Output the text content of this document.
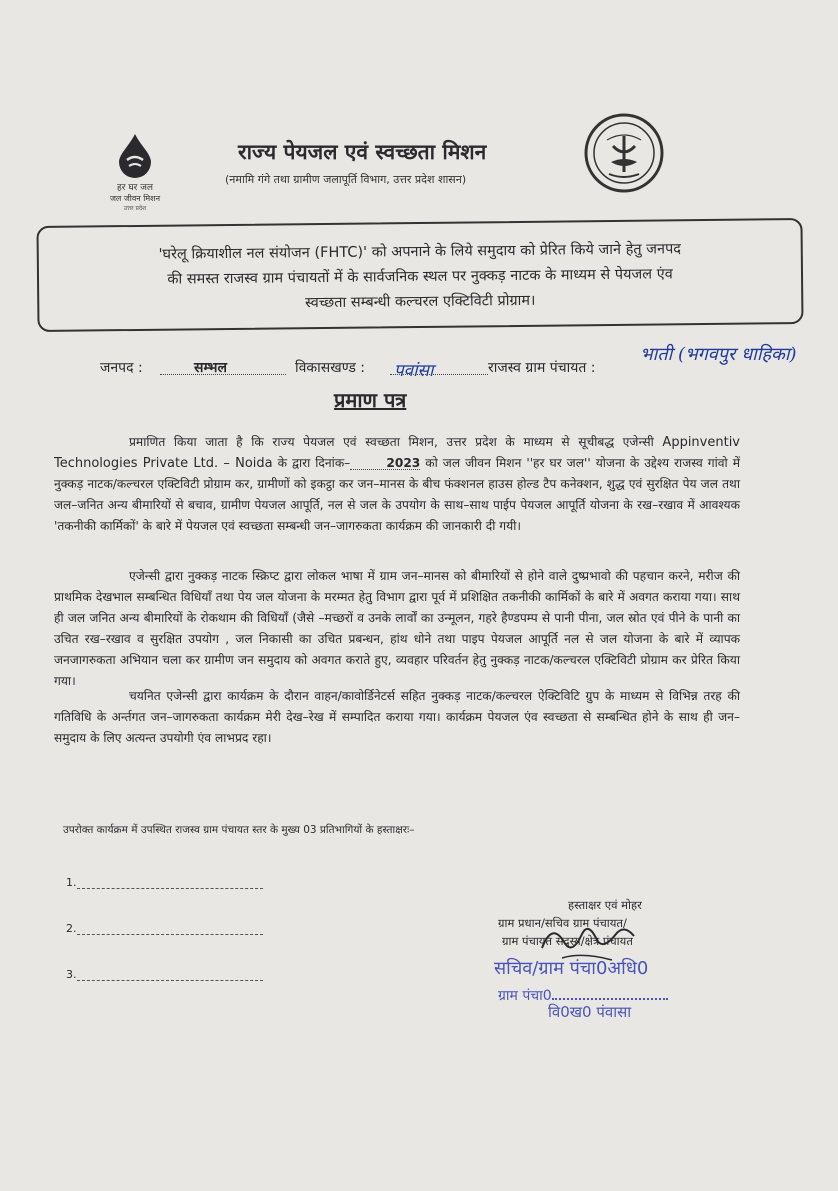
हर घर जल
जल जीवन मिशन
उत्तर प्रदेश
राज्य पेयजल एवं स्वच्छता मिशन
(नमामि गंगे तथा ग्रामीण जलापूर्ति विभाग, उत्तर प्रदेश शासन)
'घरेलू क्रियाशील नल संयोजन (FHTC)' को अपनाने के लिये समुदाय को प्रेरित किये जाने हेतु जनपद
की समस्त राजस्व ग्राम पंचायतों में के सार्वजनिक स्थल पर नुक्कड़ नाटक के माध्यम से पेयजल एंव
स्वच्छता सम्बन्धी कल्चरल एक्टिविटी प्रोग्राम।
जनपद :	सम्भल	विकासखण्ड : पवांसा	राजस्व ग्राम पंचायत :
भाती (भगवपुर धाहिका)
प्रमाण पत्र
प्रमाणित किया जाता है कि राज्य पेयजल एवं स्वच्छता मिशन, उत्तर प्रदेश के माध्यम से सूचीबद्ध एजेन्सी Appinventiv Technologies Private Ltd. – Noida के द्वारा दिनांक–	2023 को जल जीवन मिशन ''हर घर जल'' योजना के उद्देश्य राजस्व गांवो में नुक्कड़ नाटक/कल्चरल एक्टिविटी प्रोग्राम कर, ग्रामीणों को इकट्ठा कर जन–मानस के बीच फंक्शनल हाउस होल्ड टैप कनेक्शन, शुद्ध एवं सुरक्षित पेय जल तथा जल–जनित अन्य बीमारियों से बचाव, ग्रामीण पेयजल आपूर्ति, नल से जल के उपयोग के साथ–साथ पाईप पेयजल आपूर्ति योजना के रख–रखाव में आवश्यक 'तकनीकी कार्मिकों' के बारे में पेयजल एवं स्वच्छता सम्बन्धी जन–जागरुकता कार्यक्रम की जानकारी दी गयी।
एजेन्सी द्वारा नुक्कड़ नाटक स्क्रिप्ट द्वारा लोकल भाषा में ग्राम जन–मानस को बीमारियों से होने वाले दुष्प्रभावो की पहचान करने, मरीज की प्राथमिक देखभाल सम्बन्धित विधियाँ तथा पेय जल योजना के मरम्मत हेतु विभाग द्वारा पूर्व में प्रशिक्षित तकनीकी कार्मिकों के बारे में अवगत कराया गया। साथ ही जल जनित अन्य बीमारियों के रोकथाम की विधियाँ (जैसे –मच्छरों व उनके लार्वों का उन्मूलन, गहरे हैण्डपम्प से पानी पीना, जल स्रोत एवं पीने के पानी का उचित रख–रखाव व सुरक्षित उपयोग , जल निकासी का उचित प्रबन्धन, हांथ धोने तथा पाइप पेयजल आपूर्ति नल से जल योजना के बारे में व्यापक जनजागरुकता अभियान चला कर ग्रामीण जन समुदाय को अवगत कराते हुए, व्यवहार परिवर्तन हेतु नुक्कड़ नाटक/कल्चरल एक्टिविटी प्रोग्राम कर प्रेरित किया गया।
चयनित एजेन्सी द्वारा कार्यक्रम के दौरान वाहन/कावोर्डिनेटर्स सहित नुक्कड़ नाटक/कल्चरल ऐक्टिविटि ग्रुप के माध्यम से विभिन्न तरह की गतिविधि के अर्न्तगत जन–जागरुकता कार्यक्रम मेरी देख–रेख में सम्पादित कराया गया। कार्यक्रम पेयजल एंव स्वच्छता से सम्बन्धित होने के साथ ही जन–समुदाय के लिए अत्यन्त उपयोगी एंव लाभप्रद रहा।
उपरोक्त कार्यक्रम में उपस्थित राजस्व ग्राम पंचायत स्तर के मुख्य 03 प्रतिभागियों के हस्ताक्षरः–
1.
2.
3.
हस्ताक्षर एवं मोहर
ग्राम प्रधान/सचिव ग्राम पंचायत/
ग्राम पंचायत सदस्य/क्षेत्र पंचायत
सचिव/ग्राम पंचा0अधि0
ग्राम पंचा0
वि0ख0 पंवासा
